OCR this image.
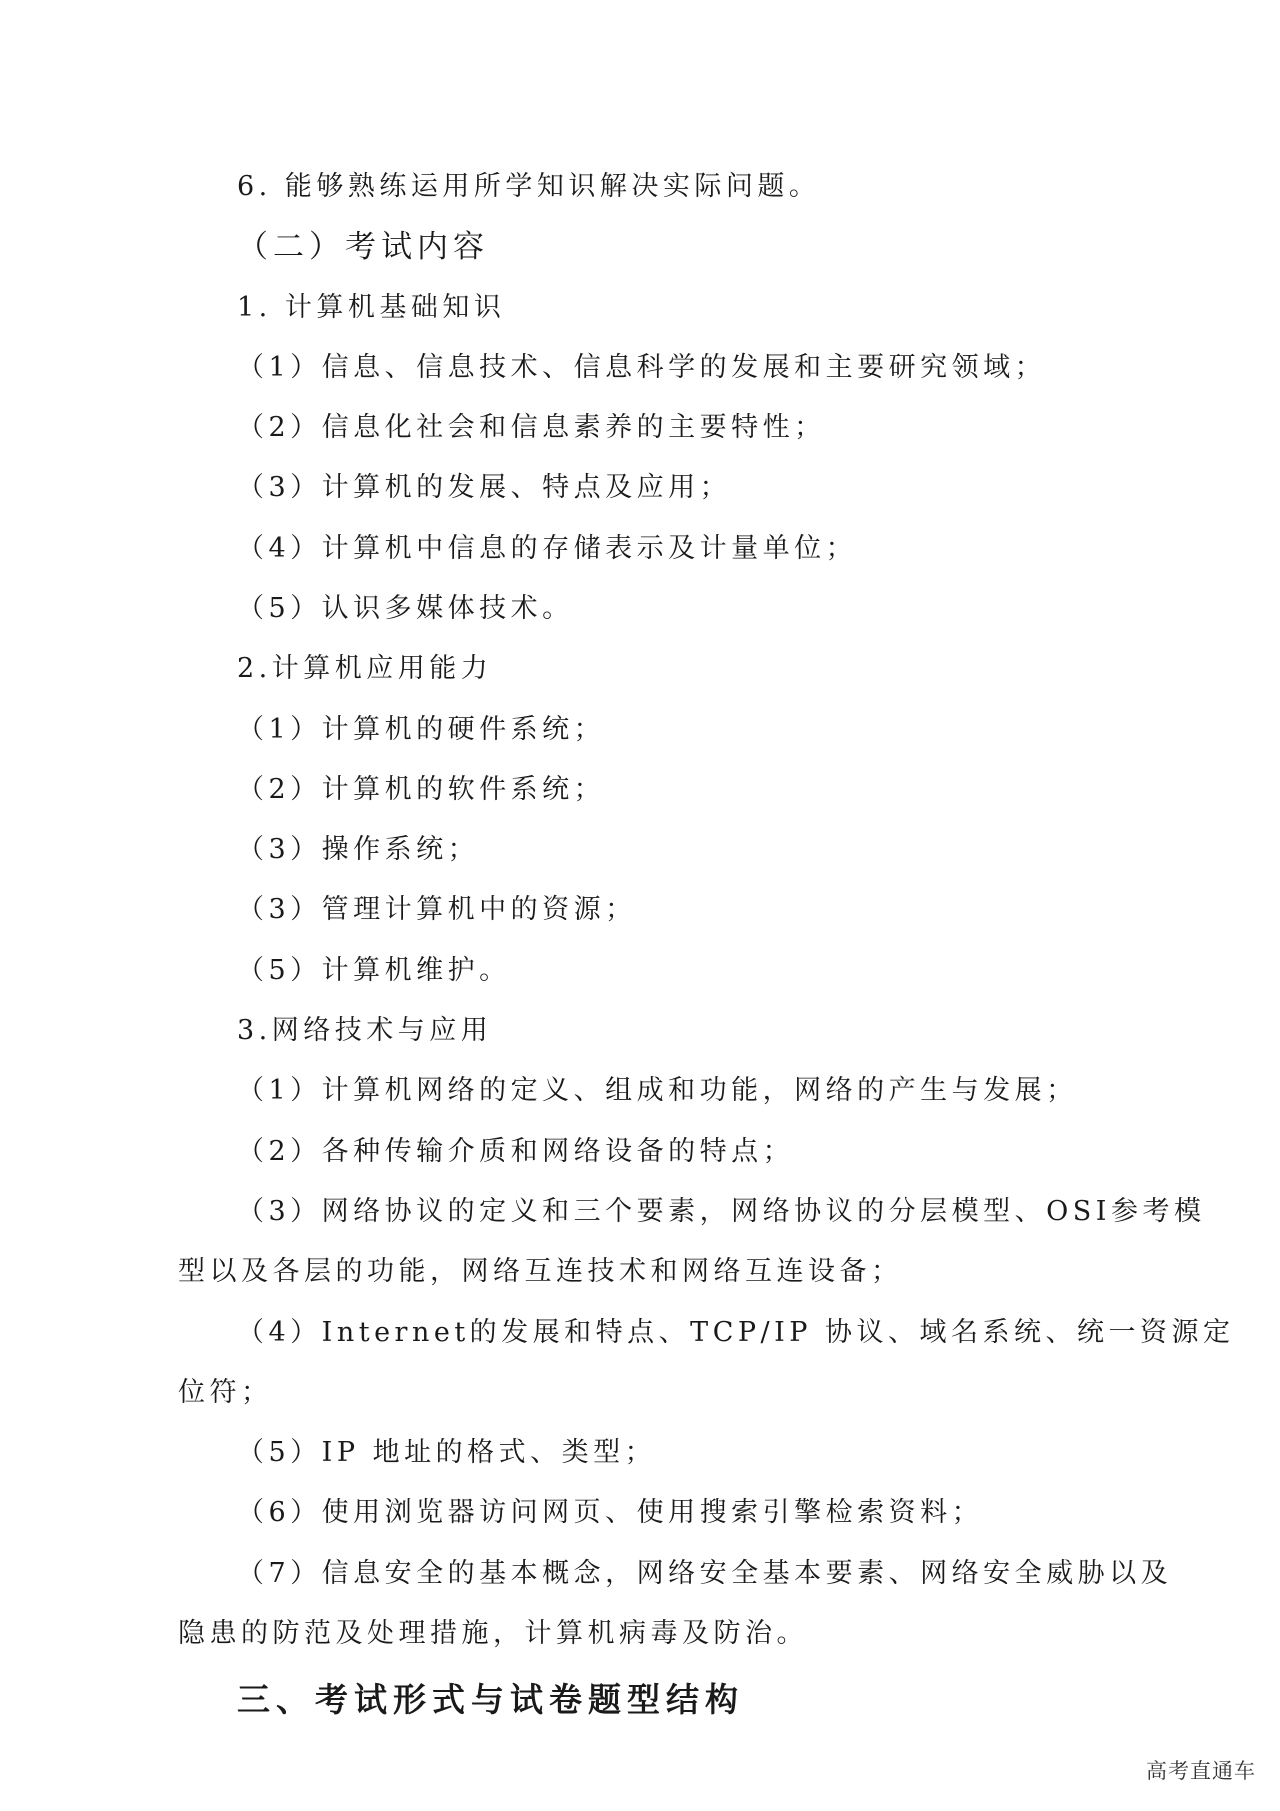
6. 能够熟练运用所学知识解决实际问题。
（二）考试内容
1. 计算机基础知识
（1）信息、信息技术、信息科学的发展和主要研究领域；
（2）信息化社会和信息素养的主要特性；
（3）计算机的发展、特点及应用；
（4）计算机中信息的存储表示及计量单位；
（5）认识多媒体技术。
2.计算机应用能力
（1）计算机的硬件系统；
（2）计算机的软件系统；
（3）操作系统；
（3）管理计算机中的资源；
（5）计算机维护。
3.网络技术与应用
（1）计算机网络的定义、组成和功能，网络的产生与发展；
（2）各种传输介质和网络设备的特点；
（3）网络协议的定义和三个要素，网络协议的分层模型、OSI参考模
型以及各层的功能，网络互连技术和网络互连设备；
（4）Internet的发展和特点、TCP/IP 协议、域名系统、统一资源定
位符；
（5）IP 地址的格式、类型；
（6）使用浏览器访问网页、使用搜索引擎检索资料；
（7）信息安全的基本概念，网络安全基本要素、网络安全威胁以及
隐患的防范及处理措施，计算机病毒及防治。
三、考试形式与试卷题型结构
高考直通车
